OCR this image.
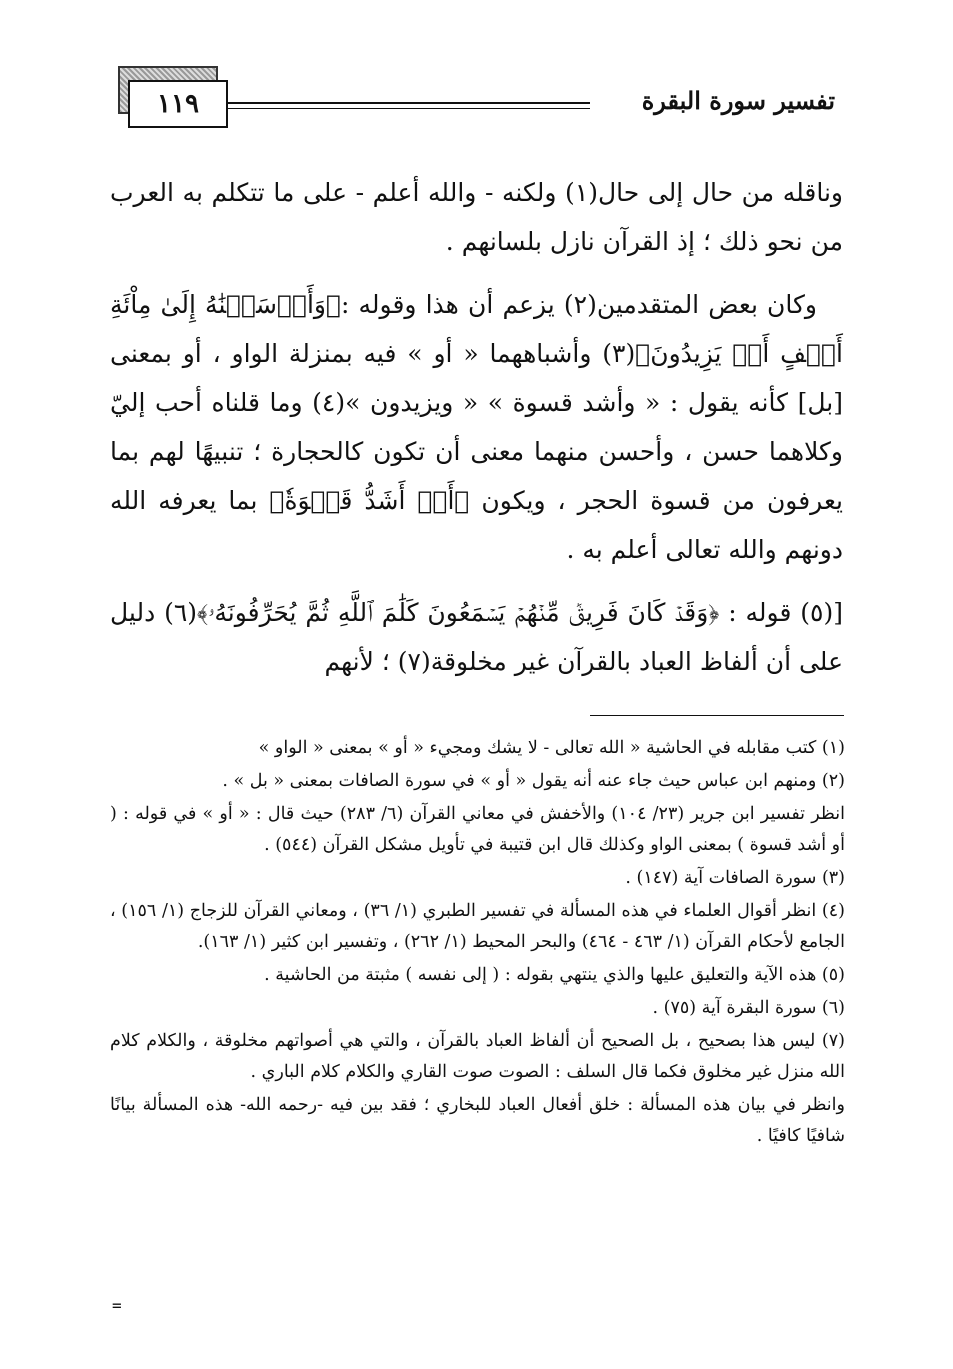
تفسير سورة البقرة
١١٩

وناقله من حال إلى حال(١) ولكنه - والله أعلم - على ما تتكلم به العرب من نحو ذلك ؛ إذ القرآن نازل بلسانهم .

وكان بعض المتقدمين(٢) يزعم أن هذا وقوله :﴿وَأَرۡسَلۡنَٰهُ إِلَىٰ مِاْئَةِ أَلۡفٍ أَوۡ يَزِيدُونَ﴾(٣) وأشباههما « أو » فيه بمنزلة الواو ، أو بمعنى [بل] كأنه يقول : « وأشد قسوة » « ويزيدون »(٤) وما قلناه أحب إليّ وكلاهما حسن ، وأحسن منهما معنى أن تكون كالحجارة ؛ تنبيهًا لهم بما يعرفون من قسوة الحجر ، ويكون ﴿أَوۡ أَشَدُّ قَسۡوَةٗ﴾ بما يعرفه الله دونهم والله تعالى أعلم به .

[(٥) قوله : ﴿وَقَدۡ كَانَ فَرِيقٞ مِّنۡهُمۡ يَسۡمَعُونَ كَلَٰمَ ٱللَّهِ ثُمَّ يُحَرِّفُونَهُۥ﴾(٦) دليل على أن ألفاظ العباد بالقرآن غير مخلوقة(٧) ؛ لأنهم

(١) كتب مقابله في الحاشية « الله تعالى - لا يشك ومجيء « أو » بمعنى « الواو »

(٢) ومنهم ابن عباس حيث جاء عنه أنه يقول « أو » في سورة الصافات بمعنى « بل » .

انظر تفسير ابن جرير (٢٣/ ١٠٤) والأخفش في معاني القرآن (٦/ ٢٨٣) حيث قال : « أو » في قوله : ( أو أشد قسوة ) بمعنى الواو وكذلك قال ابن قتيبة في تأويل مشكل القرآن (٥٤٤) .

(٣) سورة الصافات آية (١٤٧) .

(٤) انظر أقوال العلماء في هذه المسألة في تفسير الطبري (١/ ٣٦) ، ومعاني القرآن للزجاج (١/ ١٥٦) ، الجامع لأحكام القرآن (١/ ٤٦٣ - ٤٦٤) والبحر المحيط (١/ ٢٦٢) ، وتفسير ابن كثير (١/ ١٦٣).

(٥) هذه الآية والتعليق عليها والذي ينتهي بقوله : ( إلى نفسه ) مثبتة من الحاشية .

(٦) سورة البقرة آية (٧٥) .

(٧) ليس هذا بصحيح ، بل الصحيح أن ألفاظ العباد بالقرآن ، والتي هي أصواتهم مخلوقة ، والكلام كلام الله منزل غير مخلوق فكما قال السلف : الصوت صوت القاري والكلام كلام الباري .

وانظر في بيان هذه المسألة : خلق أفعال العباد للبخاري ؛ فقد بين فيه -رحمه الله- هذه المسألة بيانًا شافيًا كافيًا .

=
